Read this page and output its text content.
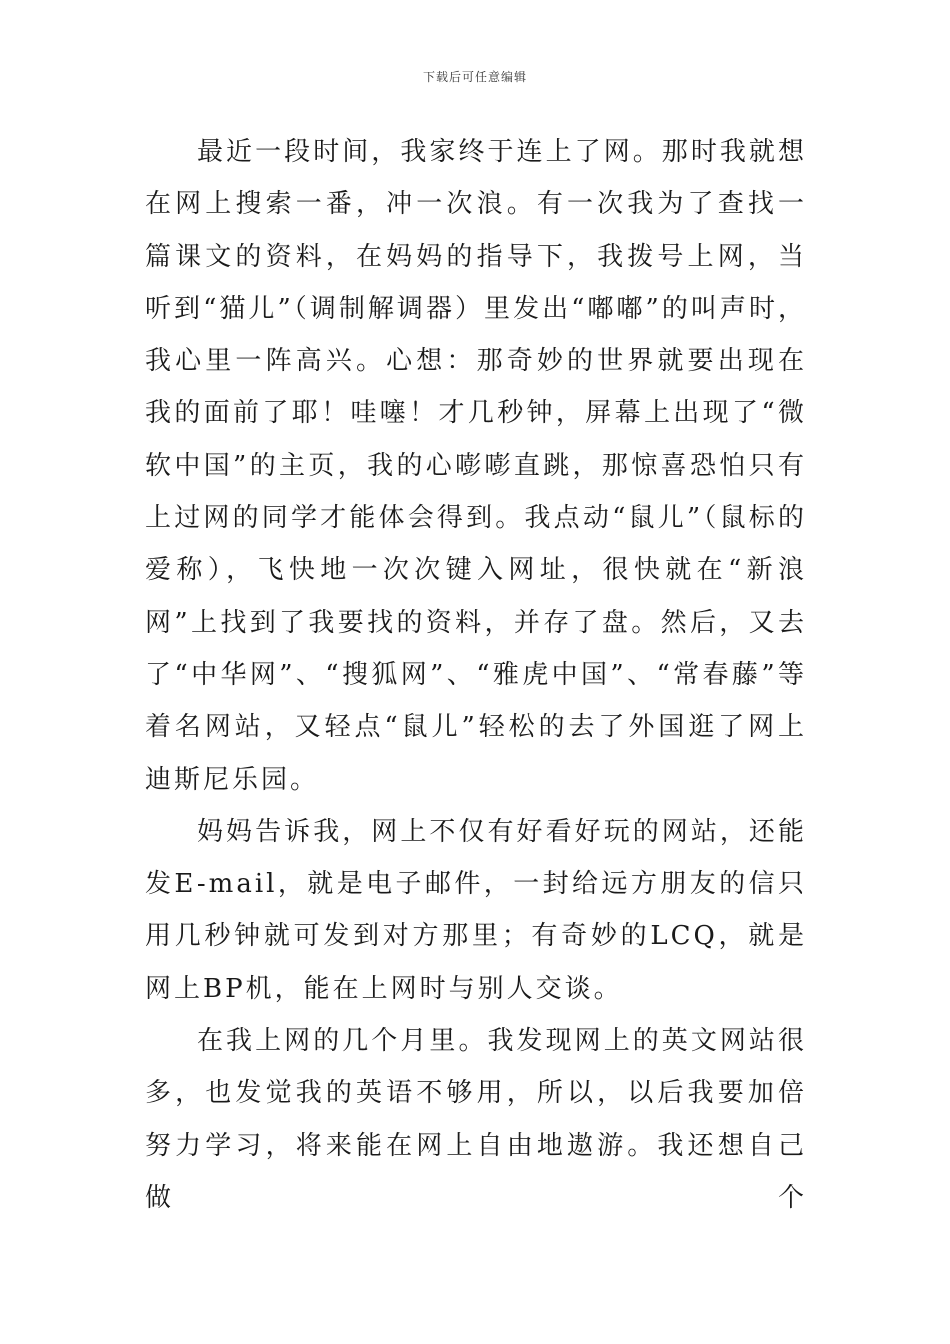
下载后可任意编辑

最近一段时间，我家终于连上了网。那时我就想在网上搜索一番，冲一次浪。有一次我为了查找一篇课文的资料，在妈妈的指导下，我拨号上网，当听到“猫儿”（调制解调器）里发出“嘟嘟”的叫声时，我心里一阵高兴。心想：那奇妙的世界就要出现在我的面前了耶！哇噻！才几秒钟，屏幕上出现了“微软中国”的主页，我的心嘭嘭直跳，那惊喜恐怕只有上过网的同学才能体会得到。我点动“鼠儿”（鼠标的爱称），飞快地一次次键入网址，很快就在“新浪网”上找到了我要找的资料，并存了盘。然后，又去了“中华网”、“搜狐网”、“雅虎中国”、“常春藤”等着名网站，又轻点“鼠儿”轻松的去了外国逛了网上迪斯尼乐园。

妈妈告诉我，网上不仅有好看好玩的网站，还能发E-mail，就是电子邮件，一封给远方朋友的信只用几秒钟就可发到对方那里；有奇妙的LCQ，就是网上BP机，能在上网时与别人交谈。

在我上网的几个月里。我发现网上的英文网站很多，也发觉我的英语不够用，所以，以后我要加倍努力学习，将来能在网上自由地遨游。我还想自己做个
